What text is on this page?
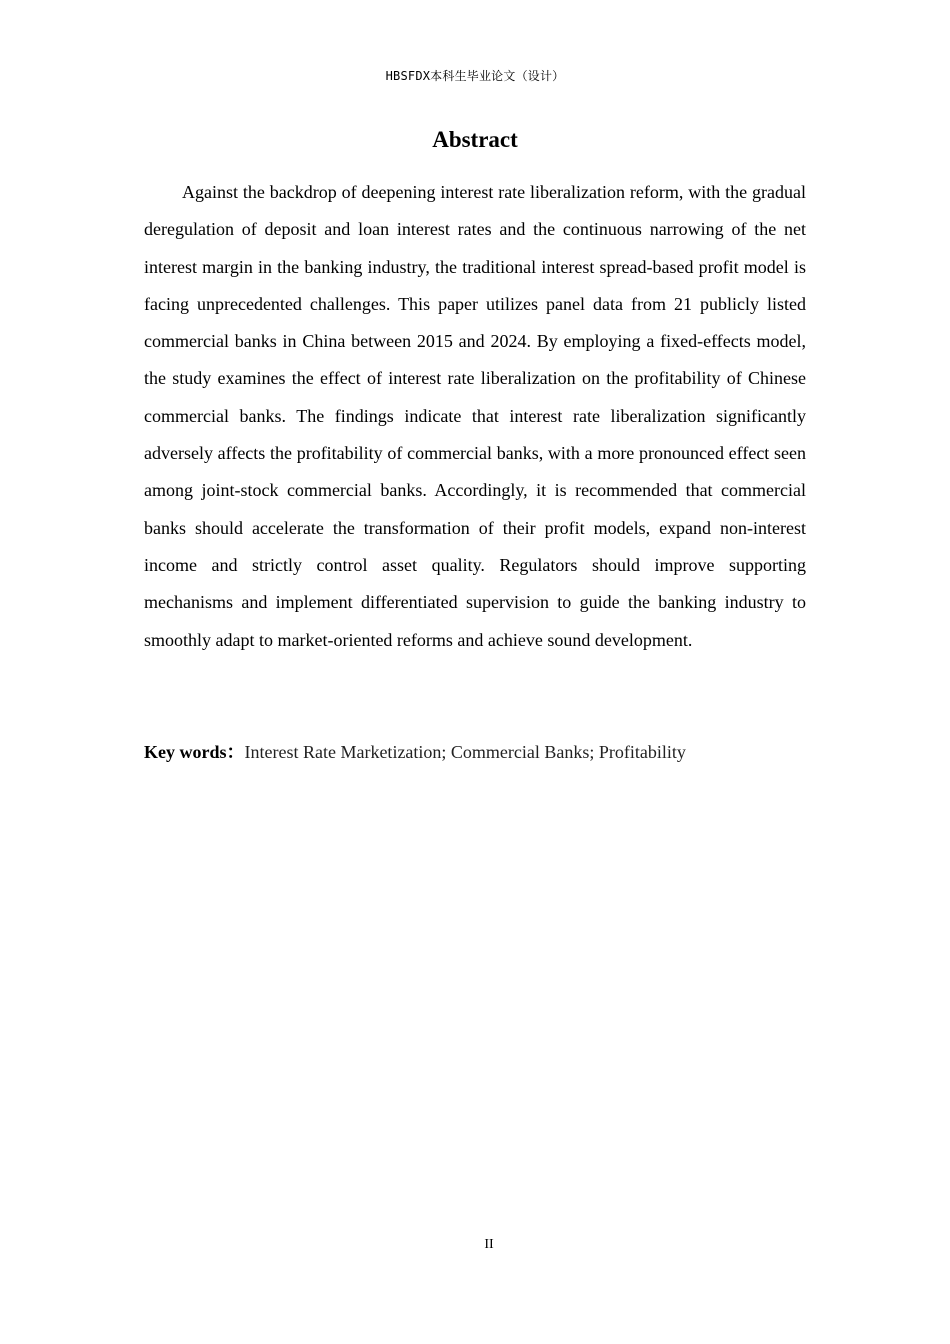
HBSFDX本科生毕业论文（设计）
Abstract

Against the backdrop of deepening interest rate liberalization reform, with the gradual deregulation of deposit and loan interest rates and the continuous narrowing of the net interest margin in the banking industry, the traditional interest spread-based profit model is facing unprecedented challenges. This paper utilizes panel data from 21 publicly listed commercial banks in China between 2015 and 2024. By employing a fixed-effects model, the study examines the effect of interest rate liberalization on the profitability of Chinese commercial banks. The findings indicate that interest rate liberalization significantly adversely affects the profitability of commercial banks, with a more pronounced effect seen among joint-stock commercial banks. Accordingly, it is recommended that commercial banks should accelerate the transformation of their profit models, expand non-interest income and strictly control asset quality. Regulators should improve supporting mechanisms and implement differentiated supervision to guide the banking industry to smoothly adapt to market-oriented reforms and achieve sound development.

Key words：Interest Rate Marketization; Commercial Banks; Profitability

II
